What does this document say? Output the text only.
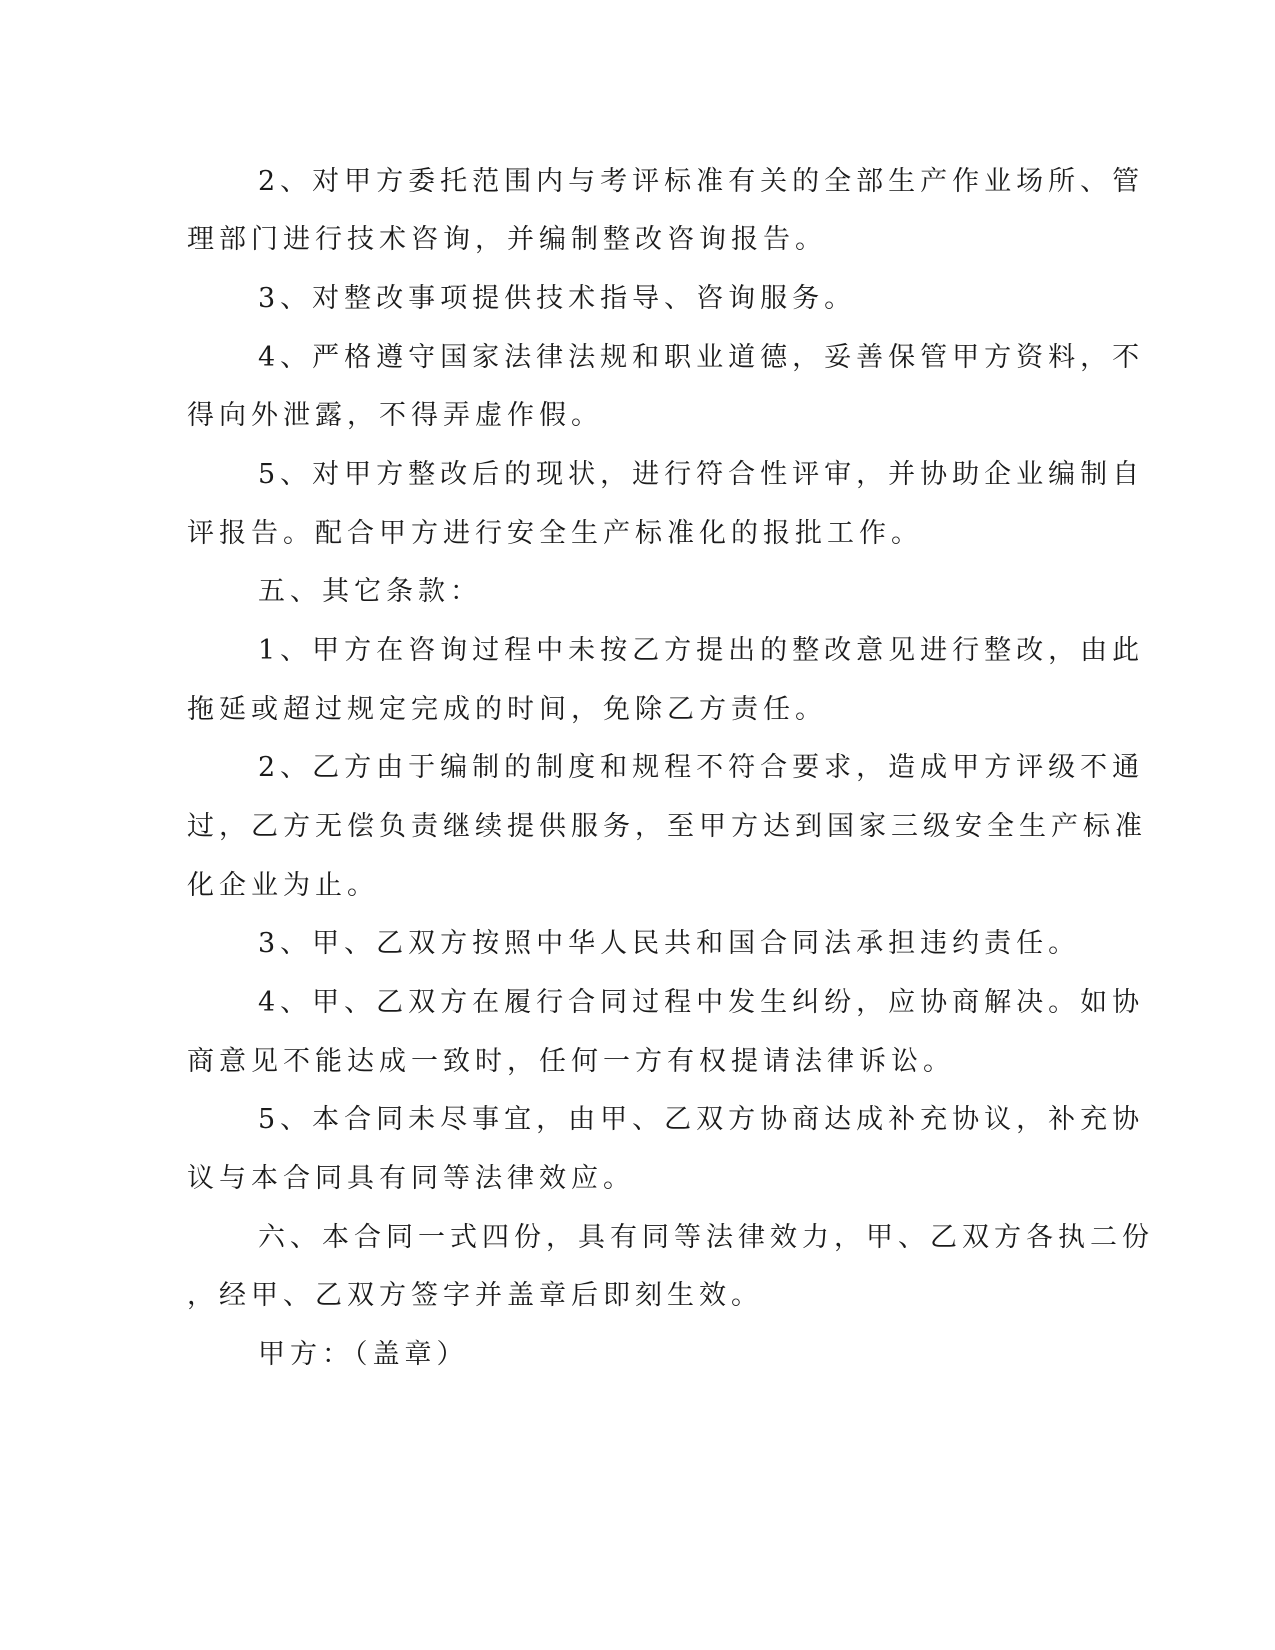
2、对甲方委托范围内与考评标准有关的全部生产作业场所、管
理部门进行技术咨询，并编制整改咨询报告。
3、对整改事项提供技术指导、咨询服务。
4、严格遵守国家法律法规和职业道德，妥善保管甲方资料，不
得向外泄露，不得弄虚作假。
5、对甲方整改后的现状，进行符合性评审，并协助企业编制自
评报告。配合甲方进行安全生产标准化的报批工作。
五、其它条款：
1、甲方在咨询过程中未按乙方提出的整改意见进行整改，由此
拖延或超过规定完成的时间，免除乙方责任。
2、乙方由于编制的制度和规程不符合要求，造成甲方评级不通
过，乙方无偿负责继续提供服务，至甲方达到国家三级安全生产标准
化企业为止。
3、甲、乙双方按照中华人民共和国合同法承担违约责任。
4、甲、乙双方在履行合同过程中发生纠纷，应协商解决。如协
商意见不能达成一致时，任何一方有权提请法律诉讼。
5、本合同未尽事宜，由甲、乙双方协商达成补充协议，补充协
议与本合同具有同等法律效应。
六、本合同一式四份，具有同等法律效力，甲、乙双方各执二份
，经甲、乙双方签字并盖章后即刻生效。
甲方：（盖章）
